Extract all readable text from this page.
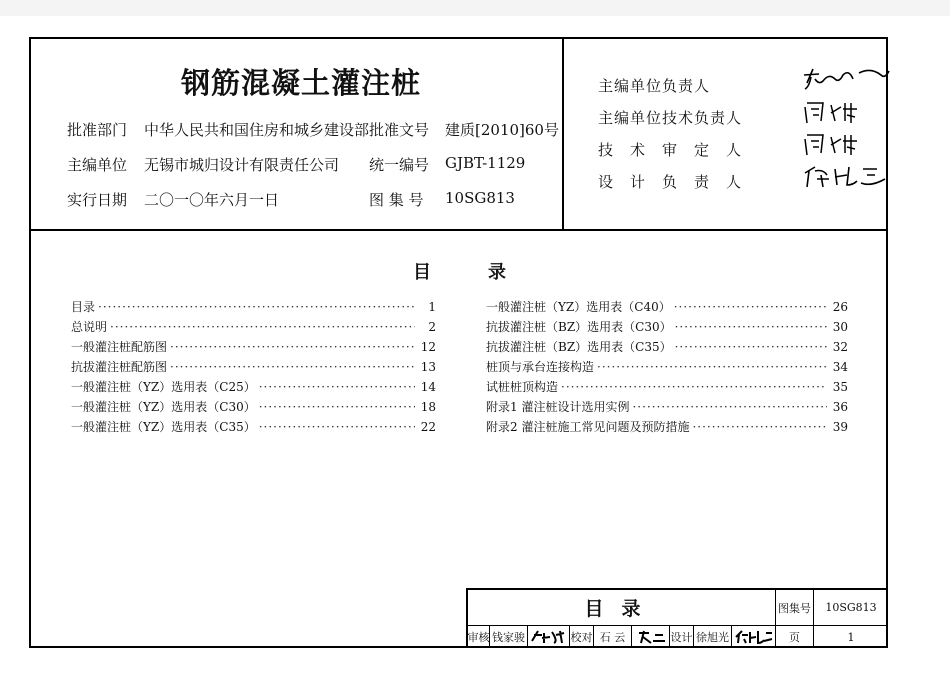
钢筋混凝土灌注桩
批准部门 中华人民共和国住房和城乡建设部 批准文号 建质[2010]60号
主编单位 无锡市城归设计有限责任公司 统一编号 GJBT-1129
实行日期 二〇一〇年六月一日	图 集 号 10SG813
主编单位负责人
主编单位技术负责人
技　术　审　定　人
设　计　负　责　人
目	录
目录 ·····	1
总说明 ·····	2
一般灌注桩配筋图 ·····	12
抗拔灌注桩配筋图 ·····	13
一般灌注桩（YZ）选用表（C25） ·····	14
一般灌注桩（YZ）选用表（C30） ·····	18
一般灌注桩（YZ）选用表（C35） ·····	22
一般灌注桩（YZ）选用表（C40） ·····	26
抗拔灌注桩（BZ）选用表（C30） ·····	30
抗拔灌注桩（BZ）选用表（C35） ·····	32
桩顶与承台连接构造 ·····	34
试桩桩顶构造 ·····	35
附录1 灌注桩设计选用实例 ·····	36
附录2 灌注桩施工常见问题及预防措施 ·····	39
目录	图集号	10SG813
审核 钱家骏	校对 石 云	设计 徐旭光	页	1
